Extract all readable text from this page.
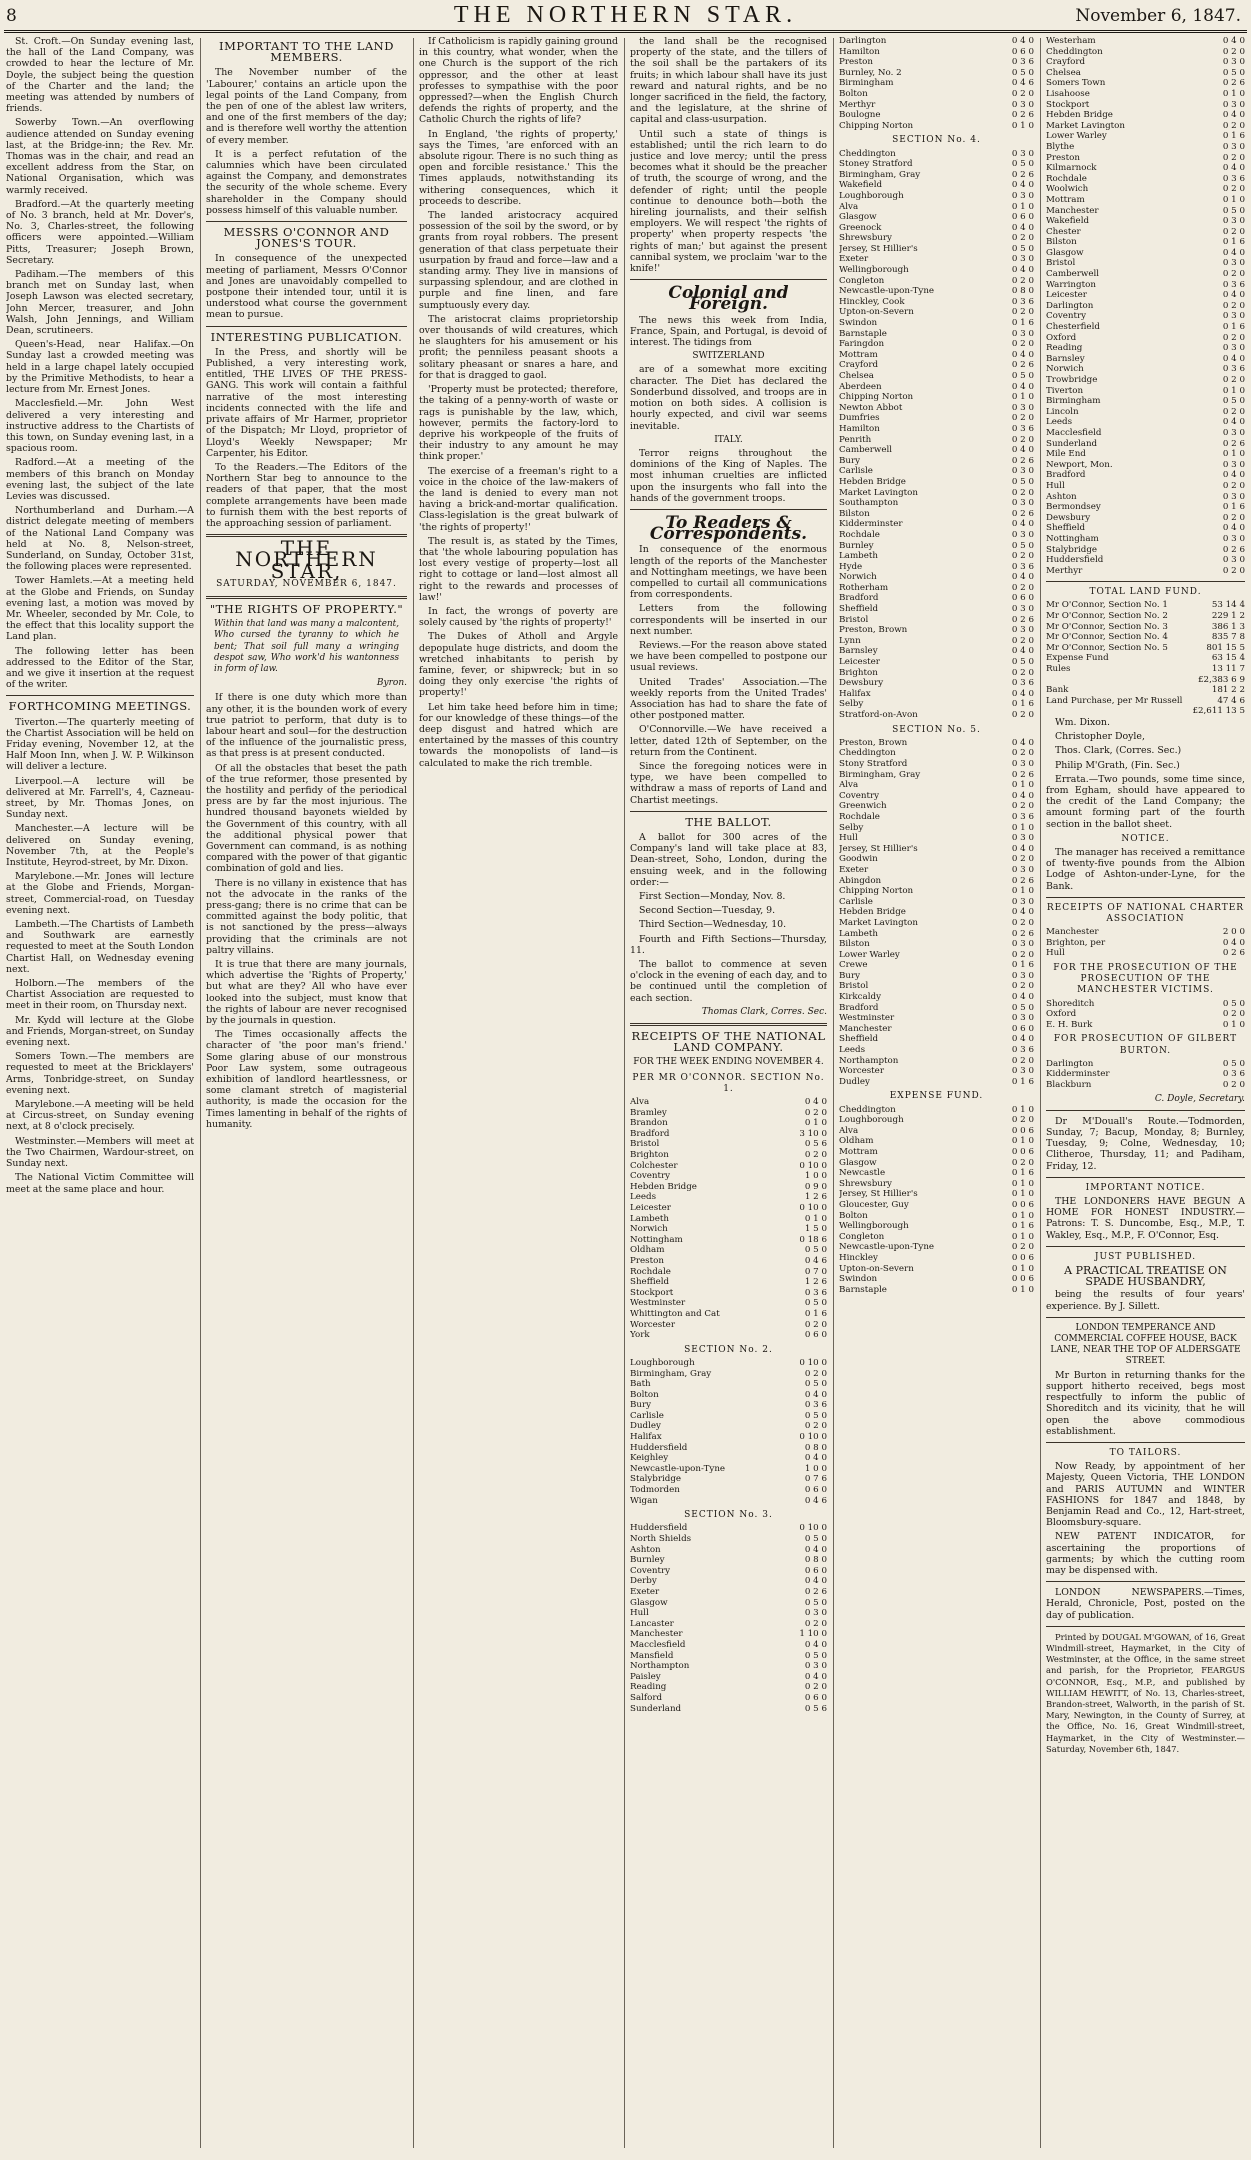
8	THE NORTHERN STAR.	November 6, 1847.

St. Croft.—On Sunday evening last, the hall of the Land Company, was crowded to hear the lecture of Mr. Doyle, the subject being the question of the Charter and the land; the meeting was attended by numbers of friends.

Sowerby Town.—An overflowing audience attended on Sunday evening last, at the Bridge-inn; the Rev. Mr. Thomas was in the chair, and read an excellent address from the Star, on National Organisation, which was warmly received.

Bradford.—At the quarterly meeting of No. 3 branch, held at Mr. Dover's, No. 3, Charles-street, the following officers were appointed.—William Pitts, Treasurer; Joseph Brown, Secretary.

Padiham.—The members of this branch met on Sunday last, when Joseph Lawson was elected secretary, John Mercer, treasurer, and John Walsh, John Jennings, and William Dean, scrutineers.

Queen's-Head, near Halifax.—On Sunday last a crowded meeting was held in a large chapel lately occupied by the Primitive Methodists, to hear a lecture from Mr. Ernest Jones.

Macclesfield.—Mr. John West delivered a very interesting and instructive address to the Chartists of this town, on Sunday evening last, in a spacious room.

Radford.—At a meeting of the members of this branch on Monday evening last, the subject of the late Levies was discussed.

Northumberland and Durham.—A district delegate meeting of members of the National Land Company was held at No. 8, Nelson-street, Sunderland, on Sunday, October 31st, the following places were represented.

Tower Hamlets.—At a meeting held at the Globe and Friends, on Sunday evening last, a motion was moved by Mr. Wheeler, seconded by Mr. Cole, to the effect that this locality support the Land plan.

The following letter has been addressed to the Editor of the Star, and we give it insertion at the request of the writer.

FORTHCOMING MEETINGS.

Tiverton.—The quarterly meeting of the Chartist Association will be held on Friday evening, November 12, at the Half Moon Inn, when J. W. P. Wilkinson will deliver a lecture.

Liverpool.—A lecture will be delivered at Mr. Farrell's, 4, Cazneau-street, by Mr. Thomas Jones, on Sunday next.

Manchester.—A lecture will be delivered on Sunday evening, November 7th, at the People's Institute, Heyrod-street, by Mr. Dixon.

Marylebone.—Mr. Jones will lecture at the Globe and Friends, Morgan-street, Commercial-road, on Tuesday evening next.

Lambeth.—The Chartists of Lambeth and Southwark are earnestly requested to meet at the South London Chartist Hall, on Wednesday evening next.

Holborn.—The members of the Chartist Association are requested to meet in their room, on Thursday next.

Mr. Kydd will lecture at the Globe and Friends, Morgan-street, on Sunday evening next.

Somers Town.—The members are requested to meet at the Bricklayers' Arms, Tonbridge-street, on Sunday evening next.

Marylebone.—A meeting will be held at Circus-street, on Sunday evening next, at 8 o'clock precisely.

Westminster.—Members will meet at the Two Chairmen, Wardour-street, on Sunday next.

The National Victim Committee will meet at the same place and hour.

IMPORTANT TO THE LAND MEMBERS.

The November number of the 'Labourer,' contains an article upon the legal points of the Land Company, from the pen of one of the ablest law writers, and one of the first members of the day; and is therefore well worthy the attention of every member.

It is a perfect refutation of the calumnies which have been circulated against the Company, and demonstrates the security of the whole scheme. Every shareholder in the Company should possess himself of this valuable number.

MESSRS O'CONNOR AND JONES'S TOUR.

In consequence of the unexpected meeting of parliament, Messrs O'Connor and Jones are unavoidably compelled to postpone their intended tour, until it is understood what course the government mean to pursue.

INTERESTING PUBLICATION.

In the Press, and shortly will be Published, a very interesting work, entitled, THE LIVES OF THE PRESS-GANG. This work will contain a faithful narrative of the most interesting incidents connected with the life and private affairs of Mr Harmer, proprietor of the Dispatch; Mr Lloyd, proprietor of Lloyd's Weekly Newspaper; Mr Carpenter, his Editor.

To the Readers.—The Editors of the Northern Star beg to announce to the readers of that paper, that the most complete arrangements have been made to furnish them with the best reports of the approaching session of parliament.

THE NORTHERN STAR,
SATURDAY, NOVEMBER 6, 1847.
"THE RIGHTS OF PROPERTY."
Within that land was many a malcontent, Who cursed the tyranny to which he bent; That soil full many a wringing despot saw, Who work'd his wantonness in form of law.
Byron.

If there is one duty which more than any other, it is the bounden work of every true patriot to perform, that duty is to labour heart and soul—for the destruction of the influence of the journalistic press, as that press is at present conducted.

Of all the obstacles that beset the path of the true reformer, those presented by the hostility and perfidy of the periodical press are by far the most injurious. The hundred thousand bayonets wielded by the Government of this country, with all the additional physical power that Government can command, is as nothing compared with the power of that gigantic combination of gold and lies.

There is no villany in existence that has not the advocate in the ranks of the press-gang; there is no crime that can be committed against the body politic, that is not sanctioned by the press—always providing that the criminals are not paltry villains.

It is true that there are many journals, which advertise the 'Rights of Property,' but what are they? All who have ever looked into the subject, must know that the rights of labour are never recognised by the journals in question.

The Times occasionally affects the character of 'the poor man's friend.' Some glaring abuse of our monstrous Poor Law system, some outrageous exhibition of landlord heartlessness, or some clamant stretch of magisterial authority, is made the occasion for the Times lamenting in behalf of the rights of humanity.

If Catholicism is rapidly gaining ground in this country, what wonder, when the one Church is the support of the rich oppressor, and the other at least professes to sympathise with the poor oppressed?—when the English Church defends the rights of property, and the Catholic Church the rights of life?

In England, 'the rights of property,' says the Times, 'are enforced with an absolute rigour. There is no such thing as open and forcible resistance.' This the Times applauds, notwithstanding its withering consequences, which it proceeds to describe.

The landed aristocracy acquired possession of the soil by the sword, or by grants from royal robbers. The present generation of that class perpetuate their usurpation by fraud and force—law and a standing army. They live in mansions of surpassing splendour, and are clothed in purple and fine linen, and fare sumptuously every day.

The aristocrat claims proprietorship over thousands of wild creatures, which he slaughters for his amusement or his profit; the penniless peasant shoots a solitary pheasant or snares a hare, and for that is dragged to gaol.

'Property must be protected; therefore, the taking of a penny-worth of waste or rags is punishable by the law, which, however, permits the factory-lord to deprive his workpeople of the fruits of their industry to any amount he may think proper.'

The exercise of a freeman's right to a voice in the choice of the law-makers of the land is denied to every man not having a brick-and-mortar qualification. Class-legislation is the great bulwark of 'the rights of property!'

The result is, as stated by the Times, that 'the whole labouring population has lost every vestige of property—lost all right to cottage or land—lost almost all right to the rewards and processes of law!'

In fact, the wrongs of poverty are solely caused by 'the rights of property!'

The Dukes of Atholl and Argyle depopulate huge districts, and doom the wretched inhabitants to perish by famine, fever, or shipwreck; but in so doing they only exercise 'the rights of property!'

Let him take heed before him in time; for our knowledge of these things—of the deep disgust and hatred which are entertained by the masses of this country towards the monopolists of land—is calculated to make the rich tremble.

the land shall be the recognised property of the state, and the tillers of the soil shall be the partakers of its fruits; in which labour shall have its just reward and natural rights, and be no longer sacrificed in the field, the factory, and the legislature, at the shrine of capital and class-usurpation.

Until such a state of things is established; until the rich learn to do justice and love mercy; until the press becomes what it should be the preacher of truth, the scourge of wrong, and the defender of right; until the people continue to denounce both—both the hireling journalists, and their selfish employers. We will respect 'the rights of property' when property respects 'the rights of man;' but against the present cannibal system, we proclaim 'war to the knife!'

Colonial and Foreign.

The news this week from India, France, Spain, and Portugal, is devoid of interest. The tidings from

SWITZERLAND

are of a somewhat more exciting character. The Diet has declared the Sonderbund dissolved, and troops are in motion on both sides. A collision is hourly expected, and civil war seems inevitable.

ITALY.

Terror reigns throughout the dominions of the King of Naples. The most inhuman cruelties are inflicted upon the insurgents who fall into the hands of the government troops.

To Readers & Correspondents.

In consequence of the enormous length of the reports of the Manchester and Nottingham meetings, we have been compelled to curtail all communications from correspondents.

Letters from the following correspondents will be inserted in our next number.

Reviews.—For the reason above stated we have been compelled to postpone our usual reviews.

United Trades' Association.—The weekly reports from the United Trades' Association has had to share the fate of other postponed matter.

O'Connorville.—We have received a letter, dated 12th of September, on the return from the Continent.

Since the foregoing notices were in type, we have been compelled to withdraw a mass of reports of Land and Chartist meetings.

THE BALLOT.

A ballot for 300 acres of the Company's land will take place at 83, Dean-street, Soho, London, during the ensuing week, and in the following order:—

First Section—Monday, Nov. 8.

Second Section—Tuesday, 9.

Third Section—Wednesday, 10.

Fourth and Fifth Sections—Thursday, 11.

The ballot to commence at seven o'clock in the evening of each day, and to be continued until the completion of each section.

Thomas Clark, Corres. Sec.
RECEIPTS OF THE NATIONAL LAND COMPANY.
FOR THE WEEK ENDING NOVEMBER 4.
PER MR O'CONNOR. SECTION No. 1.
Alva	0 4 0
Bramley	0 2 0
Brandon	0 1 0
Bradford	3 10 0
Bristol	0 5 6
Brighton	0 2 0
Colchester	0 10 0
Coventry	1 0 0
Hebden Bridge	0 9 0
Leeds	1 2 6
Leicester	0 10 0
Lambeth	0 1 0
Norwich	1 5 0
Nottingham	0 18 6
Oldham	0 5 0
Preston	0 4 6
Rochdale	0 7 0
Sheffield	1 2 6
Stockport	0 3 6
Westminster	0 5 0
Whittington and Cat	0 1 6
Worcester	0 2 0
York	0 6 0
SECTION No. 2.
Loughborough	0 10 0
Birmingham, Gray	0 2 0
Bath	0 5 0
Bolton	0 4 0
Bury	0 3 6
Carlisle	0 5 0
Dudley	0 2 0
Halifax	0 10 0
Huddersfield	0 8 0
Keighley	0 4 0
Newcastle-upon-Tyne	1 0 0
Stalybridge	0 7 6
Todmorden	0 6 0
Wigan	0 4 6
SECTION No. 3.
Huddersfield	0 10 0
North Shields	0 5 0
Ashton	0 4 0
Burnley	0 8 0
Coventry	0 6 0
Derby	0 4 0
Exeter	0 2 6
Glasgow	0 5 0
Hull	0 3 0
Lancaster	0 2 0
Manchester	1 10 0
Macclesfield	0 4 0
Mansfield	0 5 0
Northampton	0 3 0
Paisley	0 4 0
Reading	0 2 0
Salford	0 6 0
Sunderland	0 5 6
Darlington	0 4 0
Hamilton	0 6 0
Preston	0 3 6
Burnley, No. 2	0 5 0
Birmingham	0 4 6
Bolton	0 2 0
Merthyr	0 3 0
Boulogne	0 2 6
Chipping Norton	0 1 0
SECTION No. 4.
Cheddington	0 3 0
Stoney Stratford	0 5 0
Birmingham, Gray	0 2 6
Wakefield	0 4 0
Loughborough	0 3 0
Alva	0 1 0
Glasgow	0 6 0
Greenock	0 4 0
Shrewsbury	0 2 0
Jersey, St Hillier's	0 5 0
Exeter	0 3 0
Wellingborough	0 4 0
Congleton	0 2 0
Newcastle-upon-Tyne	0 8 0
Hinckley, Cook	0 3 6
Upton-on-Severn	0 2 0
Swindon	0 1 6
Barnstaple	0 3 0
Faringdon	0 2 0
Mottram	0 4 0
Crayford	0 2 6
Chelsea	0 5 0
Aberdeen	0 4 0
Chipping Norton	0 1 0
Newton Abbot	0 3 0
Dumfries	0 2 0
Hamilton	0 3 6
Penrith	0 2 0
Camberwell	0 4 0
Bury	0 2 6
Carlisle	0 3 0
Hebden Bridge	0 5 0
Market Lavington	0 2 0
Southampton	0 3 0
Bilston	0 2 6
Kidderminster	0 4 0
Rochdale	0 3 0
Burnley	0 5 0
Lambeth	0 2 0
Hyde	0 3 6
Norwich	0 4 0
Rotherham	0 2 0
Bradford	0 6 0
Sheffield	0 3 0
Bristol	0 2 6
Preston, Brown	0 3 0
Lynn	0 2 0
Barnsley	0 4 0
Leicester	0 5 0
Brighton	0 2 0
Dewsbury	0 3 6
Halifax	0 4 0
Selby	0 1 6
Stratford-on-Avon	0 2 0
SECTION No. 5.
Preston, Brown	0 4 0
Cheddington	0 2 0
Stony Stratford	0 3 0
Birmingham, Gray	0 2 6
Alva	0 1 0
Coventry	0 4 0
Greenwich	0 2 0
Rochdale	0 3 6
Selby	0 1 0
Hull	0 3 0
Jersey, St Hillier's	0 4 0
Goodwin	0 2 0
Exeter	0 3 0
Abingdon	0 2 6
Chipping Norton	0 1 0
Carlisle	0 3 0
Hebden Bridge	0 4 0
Market Lavington	0 2 0
Lambeth	0 2 6
Bilston	0 3 0
Lower Warley	0 2 0
Crewe	0 1 6
Bury	0 3 0
Bristol	0 2 0
Kirkcaldy	0 4 0
Bradford	0 5 0
Westminster	0 3 0
Manchester	0 6 0
Sheffield	0 4 0
Leeds	0 3 6
Northampton	0 2 0
Worcester	0 3 0
Dudley	0 1 6
EXPENSE FUND.
Cheddington	0 1 0
Loughborough	0 2 0
Alva	0 0 6
Oldham	0 1 0
Mottram	0 0 6
Glasgow	0 2 0
Newcastle	0 1 6
Shrewsbury	0 1 0
Jersey, St Hillier's	0 1 0
Gloucester, Guy	0 0 6
Bolton	0 1 0
Wellingborough	0 1 6
Congleton	0 1 0
Newcastle-upon-Tyne	0 2 0
Hinckley	0 0 6
Upton-on-Severn	0 1 0
Swindon	0 0 6
Barnstaple	0 1 0
Westerham	0 4 0
Cheddington	0 2 0
Crayford	0 3 0
Chelsea	0 5 0
Somers Town	0 2 6
Lisahoose	0 1 0
Stockport	0 3 0
Hebden Bridge	0 4 0
Market Lavington	0 2 0
Lower Warley	0 1 6
Blythe	0 3 0
Preston	0 2 0
Kilmarnock	0 4 0
Rochdale	0 3 6
Woolwich	0 2 0
Mottram	0 1 0
Manchester	0 5 0
Wakefield	0 3 0
Chester	0 2 0
Bilston	0 1 6
Glasgow	0 4 0
Bristol	0 3 0
Camberwell	0 2 0
Warrington	0 3 6
Leicester	0 4 0
Darlington	0 2 0
Coventry	0 3 0
Chesterfield	0 1 6
Oxford	0 2 0
Reading	0 3 0
Barnsley	0 4 0
Norwich	0 3 6
Trowbridge	0 2 0
Tiverton	0 1 0
Birmingham	0 5 0
Lincoln	0 2 0
Leeds	0 4 0
Macclesfield	0 3 0
Sunderland	0 2 6
Mile End	0 1 0
Newport, Mon.	0 3 0
Bradford	0 4 0
Hull	0 2 0
Ashton	0 3 0
Bermondsey	0 1 6
Dewsbury	0 2 0
Sheffield	0 4 0
Nottingham	0 3 0
Stalybridge	0 2 6
Huddersfield	0 3 0
Merthyr	0 2 0
TOTAL LAND FUND.
Mr O'Connor, Section No. 1	53 14 4
Mr O'Connor, Section No. 2	229 1 2
Mr O'Connor, Section No. 3	386 1 3
Mr O'Connor, Section No. 4	835 7 8
Mr O'Connor, Section No. 5	801 15 5
Expense Fund	63 15 4
Rules	13 11 7
	£2,383 6 9
Bank	181 2 2
Land Purchase, per Mr Russell	47 4 6
	£2,611 13 5

Wm. Dixon.

Christopher Doyle,

Thos. Clark, (Corres. Sec.)

Philip M'Grath, (Fin. Sec.)

Errata.—Two pounds, some time since, from Egham, should have appeared to the credit of the Land Company; the amount forming part of the fourth section in the ballot sheet.

NOTICE.

The manager has received a remittance of twenty-five pounds from the Albion Lodge of Ashton-under-Lyne, for the Bank.

RECEIPTS OF NATIONAL CHARTER ASSOCIATION
Manchester	2 0 0
Brighton, per	0 4 0
Hull	0 2 6
FOR THE PROSECUTION OF THE PROSECUTION OF THE MANCHESTER VICTIMS.
Shoreditch	0 5 0
Oxford	0 2 0
E. H. Burk	0 1 0
FOR PROSECUTION OF GILBERT BURTON.
Darlington	0 5 0
Kidderminster	0 3 6
Blackburn	0 2 0
C. Doyle, Secretary.

Dr M'Douall's Route.—Todmorden, Sunday, 7; Bacup, Monday, 8; Burnley, Tuesday, 9; Colne, Wednesday, 10; Clitheroe, Thursday, 11; and Padiham, Friday, 12.

IMPORTANT NOTICE.

THE LONDONERS HAVE BEGUN A HOME FOR HONEST INDUSTRY.—Patrons: T. S. Duncombe, Esq., M.P., T. Wakley, Esq., M.P., F. O'Connor, Esq.

JUST PUBLISHED.
A PRACTICAL TREATISE ON SPADE HUSBANDRY,

being the results of four years' experience. By J. Sillett.

LONDON TEMPERANCE AND COMMERCIAL COFFEE HOUSE, BACK LANE, NEAR THE TOP OF ALDERSGATE STREET.

Mr Burton in returning thanks for the support hitherto received, begs most respectfully to inform the public of Shoreditch and its vicinity, that he will open the above commodious establishment.

TO TAILORS.

Now Ready, by appointment of her Majesty, Queen Victoria, THE LONDON and PARIS AUTUMN and WINTER FASHIONS for 1847 and 1848, by Benjamin Read and Co., 12, Hart-street, Bloomsbury-square.

NEW PATENT INDICATOR, for ascertaining the proportions of garments; by which the cutting room may be dispensed with.

LONDON NEWSPAPERS.—Times, Herald, Chronicle, Post, posted on the day of publication.

Printed by DOUGAL M'GOWAN, of 16, Great Windmill-street, Haymarket, in the City of Westminster, at the Office, in the same street and parish, for the Proprietor, FEARGUS O'CONNOR, Esq., M.P., and published by WILLIAM HEWITT, of No. 13, Charles-street, Brandon-street, Walworth, in the parish of St. Mary, Newington, in the County of Surrey, at the Office, No. 16, Great Windmill-street, Haymarket, in the City of Westminster.—Saturday, November 6th, 1847.
